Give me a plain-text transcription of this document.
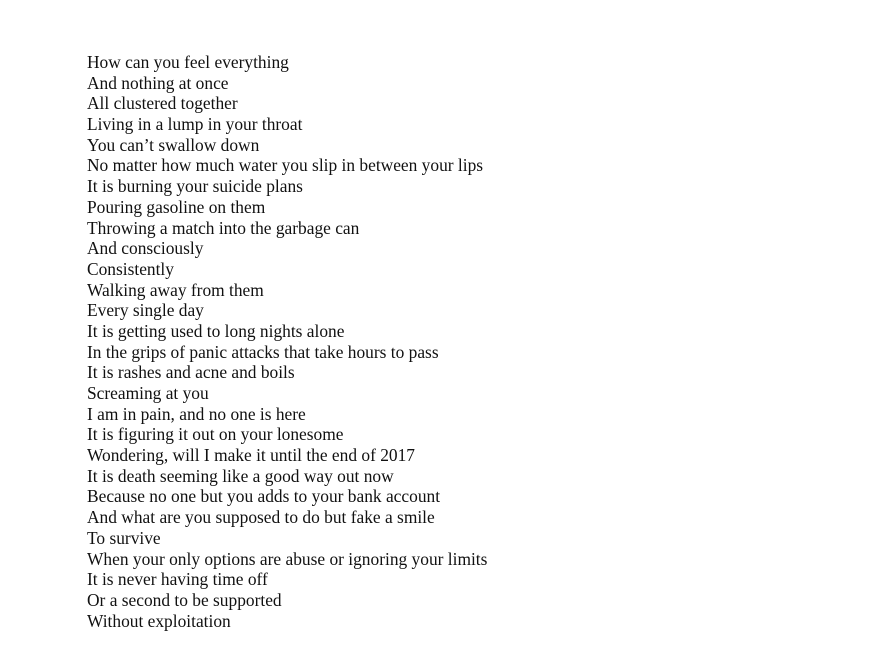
How can you feel everything
And nothing at once
All clustered together
Living in a lump in your throat
You can’t swallow down
No matter how much water you slip in between your lips
It is burning your suicide plans
Pouring gasoline on them
Throwing a match into the garbage can
And consciously
Consistently
Walking away from them
Every single day
It is getting used to long nights alone
In the grips of panic attacks that take hours to pass
It is rashes and acne and boils
Screaming at you
I am in pain, and no one is here
It is figuring it out on your lonesome
Wondering, will I make it until the end of 2017
It is death seeming like a good way out now
Because no one but you adds to your bank account
And what are you supposed to do but fake a smile
To survive
When your only options are abuse or ignoring your limits
It is never having time off
Or a second to be supported
Without exploitation
